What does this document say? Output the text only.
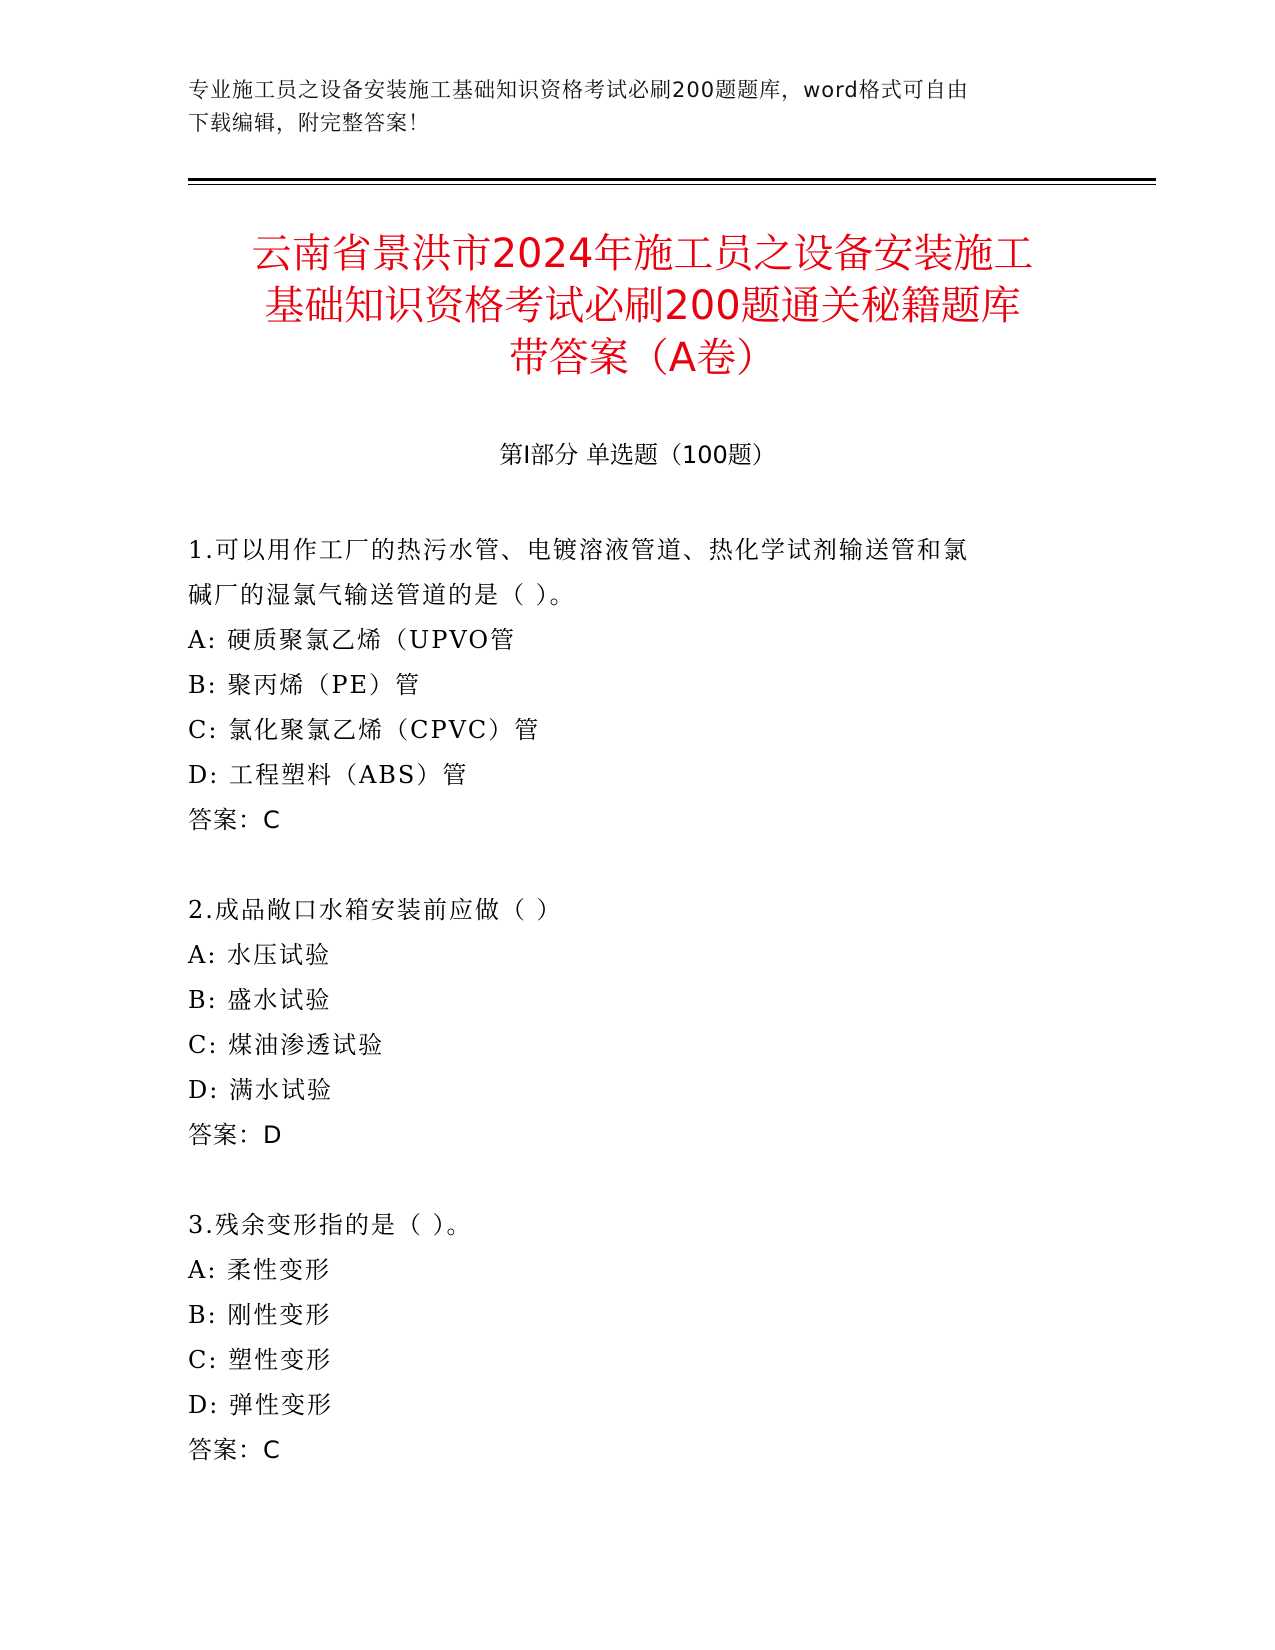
专业施工员之设备安装施工基础知识资格考试必刷200题题库，word格式可自由
下载编辑，附完整答案！
云南省景洪市2024年施工员之设备安装施工
基础知识资格考试必刷200题通关秘籍题库
带答案（A卷）
第Ⅰ部分 单选题（100题）
1.可以用作工厂的热污水管、电镀溶液管道、热化学试剂输送管和氯
碱厂的湿氯气输送管道的是（ ）。
A: 硬质聚氯乙烯（UPVO管
B: 聚丙烯（PE）管
C: 氯化聚氯乙烯（CPVC）管
D: 工程塑料（ABS）管
答案：C
2.成品敞口水箱安装前应做（ ）
A: 水压试验
B: 盛水试验
C: 煤油渗透试验
D: 满水试验
答案：D
3.残余变形指的是（ ）。
A: 柔性变形
B: 刚性变形
C: 塑性变形
D: 弹性变形
答案：C
